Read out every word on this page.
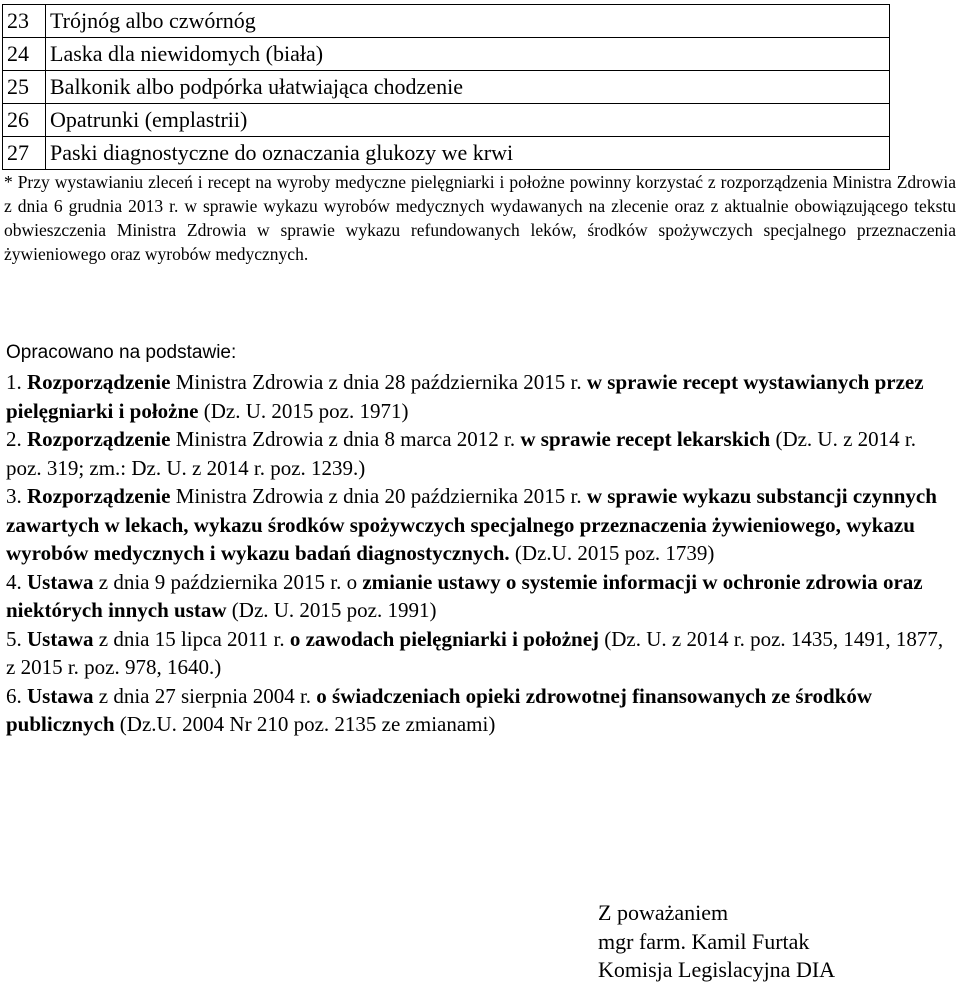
23	Trójnóg albo czwórnóg
24	Laska dla niewidomych (biała)
25	Balkonik albo podpórka ułatwiająca chodzenie
26	Opatrunki (emplastrii)
27	Paski diagnostyczne do oznaczania glukozy we krwi
* Przy wystawianiu zleceń i recept na wyroby medyczne pielęgniarki i położne powinny korzystać z rozporządzenia Ministra Zdrowia z dnia 6 grudnia 2013 r. w sprawie wykazu wyrobów medycznych wydawanych na zlecenie oraz z aktualnie obowiązującego tekstu obwieszczenia Ministra Zdrowia w sprawie wykazu refundowanych leków, środków spożywczych specjalnego przeznaczenia żywieniowego oraz wyrobów medycznych.
Opracowano na podstawie:

1. Rozporządzenie Ministra Zdrowia z dnia 28 października 2015 r. w sprawie recept wystawianych przez pielęgniarki i położne (Dz. U. 2015 poz. 1971)

2. Rozporządzenie Ministra Zdrowia z dnia 8 marca 2012 r. w sprawie recept lekarskich (Dz. U. z 2014 r. poz. 319; zm.: Dz. U. z 2014 r. poz. 1239.)

3. Rozporządzenie Ministra Zdrowia z dnia 20 października 2015 r. w sprawie wykazu substancji czynnych zawartych w lekach, wykazu środków spożywczych specjalnego przeznaczenia żywieniowego, wykazu wyrobów medycznych i wykazu badań diagnostycznych. (Dz.U. 2015 poz. 1739)

4. Ustawa z dnia 9 października 2015 r. o zmianie ustawy o systemie informacji w ochronie zdrowia oraz niektórych innych ustaw (Dz. U. 2015 poz. 1991)

5. Ustawa z dnia 15 lipca 2011 r. o zawodach pielęgniarki i położnej (Dz. U. z 2014 r. poz. 1435, 1491, 1877, z 2015 r. poz. 978, 1640.)

6. Ustawa z dnia 27 sierpnia 2004 r. o świadczeniach opieki zdrowotnej finansowanych ze środków publicznych (Dz.U. 2004 Nr 210 poz. 2135 ze zmianami)

Z poważaniem
mgr farm. Kamil Furtak
Komisja Legislacyjna DIA
